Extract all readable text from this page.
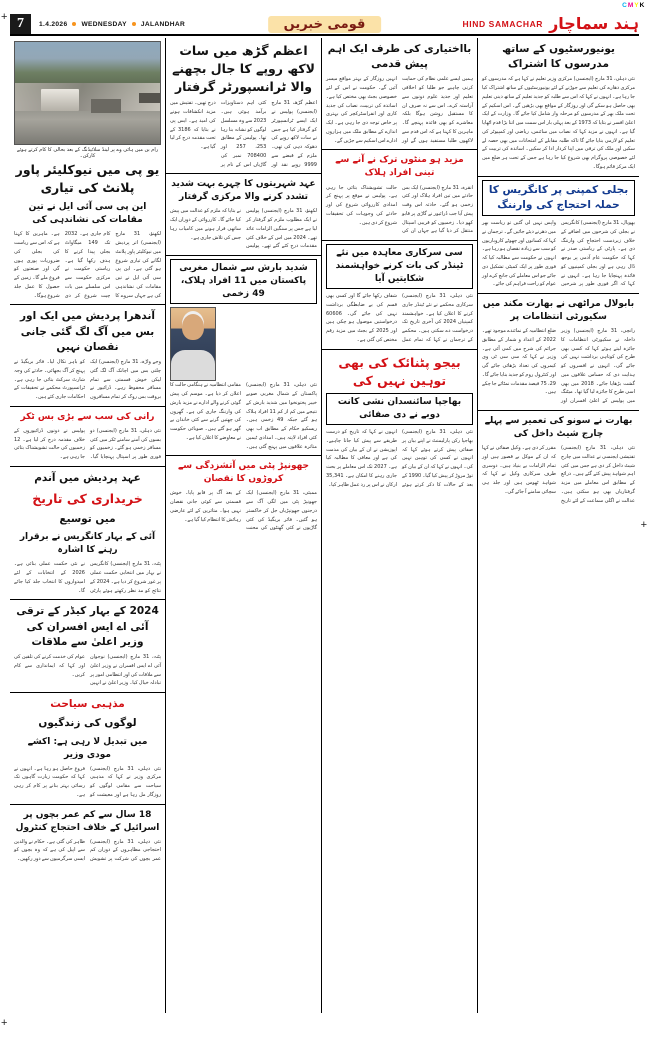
+
+
+
C M Y K
7	1.4.2026 WEDNESDAY JALANDHAR	قومی خبریں	HIND SAMACHAR ہند سماچار
یونیورسٹیوں کے ساتھ مدرسوں کا اشتراک
نئی دہلی، 31 مارچ (ایجنسی) مرکزی وزیر تعلیم نے کہا ہے کہ مدرسوں کو مرکزی دھارے کی تعلیم سے جوڑنے کے لئے یونیورسٹیوں کے ساتھ اشتراک کیا جا رہا ہے۔ انہوں نے کہا کہ اس سے طلبہ کو جدید تعلیم کے ساتھ دینی تعلیم بھی حاصل ہو سکے گی اور روزگار کے مواقع بھی بڑھیں گے۔ اس اسکیم کے تحت ملک بھر کے مدرسوں کو مرحلہ وار شامل کیا جائے گا۔ وزارت کے ایک اعلیٰ افسر نے بتایا کہ 1973 کے بعد پہلی بار اس سمت میں اتنا بڑا قدم اٹھایا گیا ہے۔ انہوں نے مزید کہا کہ نصاب میں سائنس، ریاضی اور کمپیوٹر کی تعلیم کو لازمی بنایا جائے گا تاکہ طلبہ مقابلے کے امتحانات میں بھی حصہ لے سکیں اور ملک کی ترقی میں اپنا کردار ادا کر سکیں۔ اساتذہ کی تربیت کے لئے خصوصی پروگرام بھی شروع کیا جا رہا ہے جس کے تحت ہر ضلع میں ایک مرکز قائم ہوگا۔
بجلی کمپنی پر کانگریس کا حملہ احتجاج کی وارننگ
بھوپال، 31 مارچ (ایجنسی) کانگریس نے بجلی کی شرحوں میں اضافے کے خلاف زبردست احتجاج کی وارننگ دی ہے۔ پارٹی کے ریاستی صدر نے کہا کہ حکومت عام آدمی پر بوجھ ڈال رہی ہے اور بجلی کمپنیوں کو فائدہ پہنچایا جا رہا ہے۔ انہوں نے کہا کہ اگر فوری طور پر شرحیں واپس نہیں لی گئیں تو ریاست بھر میں دھرنے دیئے جائیں گے۔ ترجمان نے کہا کہ کسانوں اور چھوٹے کاروباریوں کو سب سے زیادہ نقصان ہو رہا ہے۔ انہوں نے حکومت سے مطالبہ کیا کہ فوری طور پر ایک کمیٹی تشکیل دی جائے جو اس معاملے کی جانچ کرے اور عوام کو راحت فراہم کی جائے۔
بابولال مراٹھی نے بھارت مکند میں سکیورٹی انتظامات پر
رانچی، 31 مارچ (ایجنسی) وزیر داخلہ نے سکیورٹی انتظامات کا جائزہ لیتے ہوئے کہا کہ کسی بھی طرح کی کوتاہی برداشت نہیں کی جائے گی۔ انہوں نے افسروں کو ہدایت دی کہ حساس علاقوں میں گشت بڑھایا جائے۔ 2018 میں بھی اسی طرح کا جائزہ لیا گیا تھا۔ میٹنگ میں پولیس کے اعلیٰ افسران اور ضلع انتظامیہ کے نمائندے موجود تھے۔ 2022 کے اعداد و شمار کے مطابق جرائم کی شرح میں کمی آئی ہے۔ وزیر نے کہا کہ سی سی ٹی وی کیمروں کی تعداد بڑھائی جائے گی اور کنٹرول روم کو جدید بنایا جائے گا۔ 29، 75 فیصد مقدمات نمٹائے جا چکے ہیں۔
بھارت نے سونو کی تعمیر سے پہلے چارج شیٹ داخل کی
نئی دہلی، 31 مارچ (ایجنسی) تفتیشی ایجنسی نے عدالت میں چارج شیٹ داخل کر دی ہے جس میں کئی اہم شواہد پیش کئے گئے ہیں۔ ذرائع کے مطابق اس معاملے میں مزید گرفتاریاں بھی ہو سکتی ہیں۔ عدالت نے اگلی سماعت کے لئے تاریخ مقرر کر دی ہے۔ وکیل صفائی نے کہا کہ ان کے موکل بے قصور ہیں اور تمام الزامات بے بنیاد ہیں۔ دوسری طرف سرکاری وکیل نے کہا کہ شواہد ٹھوس ہیں اور جلد ہی سچائی سامنے آ جائے گی۔
بااختیاری کی طرف ایک اہم پیش قدمی
ہمیں ایسے علمی نظام کی حمایت کرنی چاہیے جو طلبا کو اخلاقی تعلیم اور جدید علوم دونوں سے آراستہ کرے۔ اس سے نہ صرف ان کا مستقبل روشن ہوگا بلکہ معاشرے کو بھی فائدہ پہنچے گا۔ ماہرین کا کہنا ہے کہ اس قدم سے لاکھوں طلبا مستفید ہوں گے اور انہیں روزگار کے بہتر مواقع میسر آئیں گے۔ حکومت نے اس کے لئے خصوصی بجٹ بھی مختص کیا ہے۔ اساتذہ کی تربیت، نصاب کی جدید کاری اور انفراسٹرکچر کی بہتری پر خاص توجہ دی جا رہی ہے۔ ایک اندازے کے مطابق ملک میں ہزاروں ادارے اس اسکیم سے جڑیں گے۔
مزید ہو منٹوں ترک نے آنے سے تینی افراد ہلاک
انقرہ، 31 مارچ (ایجنسی) ایک بس حادثے میں تین افراد ہلاک اور کئی زخمی ہو گئے۔ حادثہ اس وقت پیش آیا جب ڈرائیور نے گاڑی پر قابو کھو دیا۔ زخمیوں کو قریبی اسپتال منتقل کر دیا گیا ہے جہاں ان کی حالت تشویشناک بتائی جا رہی ہے۔ پولیس نے موقع پر پہنچ کر امدادی کارروائی شروع کی اور حادثے کی وجوہات کی تحقیقات شروع کر دی ہیں۔
سی سرکاری معاہدہ میں نئے ٹینڈر کی بات کرنے خواہشمند شکایتیں آیا
نئی دہلی، 31 مارچ (ایجنسی) سرکاری محکمے نے نئے ٹینڈر جاری کرنے کا اعلان کیا ہے۔ خواہشمند کمپنیاں 2024 کی آخری تاریخ تک درخواست دے سکتی ہیں۔ محکمے کے ترجمان نے کہا کہ تمام عمل شفاف رکھا جائے گا اور کسی بھی قسم کی بے ضابطگی برداشت نہیں کی جائے گی۔ 60606 درخواستیں موصول ہو چکی ہیں اور 2025 کے بجٹ میں مزید رقم مختص کی گئی ہے۔
بیجو پٹنائک کی بھی توہین نہیں کی
بھاجپا سائنسدان نشی کانت دوبے نے دی صفائی
نئی دہلی، 31 مارچ (ایجنسی) بھاجپا رکن پارلیمنٹ نے اپنے بیان پر صفائی پیش کرتے ہوئے کہا کہ انہوں نے کسی کی توہین نہیں کی۔ انہوں نے کہا کہ ان کے بیان کو توڑ مروڑ کر پیش کیا گیا۔ 1990 کے بعد کے حالات کا ذکر کرتے ہوئے انہوں نے کہا کہ تاریخ کو درست طریقے سے پیش کیا جانا چاہیے۔ اپوزیشن نے ان کے بیان کی مذمت کی ہے اور معافی کا مطالبہ کیا ہے۔ 2027 تک اس معاملے پر بحث جاری رہنے کا امکان ہے۔ 35,341 ارکان نے اس پر رد عمل ظاہر کیا۔
اعظم گڑھ میں سات لاکھ روپے کا جال بچھنے والا ٹرانسپورٹر گرفتار
اعظم گڑھ، 31 مارچ (ایجنسی) پولیس نے ایک ایسے ٹرانسپورٹر کو گرفتار کیا ہے جس نے سات لاکھ روپے کی دھوکہ دہی کی تھی۔ ملزم کے قبضے سے 9999 روپے نقد اور کئی اہم دستاویزات برآمد ہوئی ہیں۔ 2023 سے وہ مسلسل لوگوں کو نشانہ بنا رہا تھا۔ پولیس کے مطابق 253، 257 اور 708400 نمبر کی گاڑیاں اس کے نام پر درج تھیں۔ تفتیش میں مزید انکشافات ہونے کی امید ہے۔ ایس پی نے بتایا کہ 3186 کے تحت مقدمہ درج کر لیا گیا ہے۔
عہد شہریتوں کا چہرے بہت شدید تشدد کرنے والا مرکزی گرفتار
لکھنؤ، 31 مارچ (ایجنسی) پولیس نے ایک مطلوب ملزم کو گرفتار کر لیا ہے جس پر سنگین الزامات عائد تھے۔ 2024 میں اس کے خلاف کئی مقدمات درج کئے گئے تھے۔ پولیس نے بتایا کہ ملزم کو عدالت میں پیش کیا جائے گا۔ کارروائی کے دوران ایک ساتھی فرار ہونے میں کامیاب رہا جس کی تلاش جاری ہے۔
شدید بارش سے شمال مغربی پاکستان میں 11 افراد ہلاک، 49 زخمی
نئی دہلی، 31 مارچ (ایجنسی) پاکستان کے شمال مغربی صوبے خیبر پختونخوا میں شدید بارش کے نتیجے میں کم از کم 11 افراد ہلاک ہو گئے جبکہ 49 زخمی ہیں۔ ریسکیو حکام کے مطابق اب بھی کئی افراد لاپتہ ہیں۔ امدادی ٹیمیں متاثرہ علاقوں میں پہنچ گئی ہیں۔ مقامی انتظامیہ نے ہنگامی حالت کا اعلان کر دیا ہے۔ موسم کی پیش گوئی کرنے والے ادارے نے مزید بارش کی وارننگ جاری کی ہے۔ گھروں کی چھتیں گرنے سے کئی خاندان بے گھر ہو گئے ہیں۔ صوبائی حکومت نے معاوضے کا اعلان کیا ہے۔
جھونپڑ پٹی میں آتشزدگی سے کروڑوں کا نقصان
ممبئی، 31 مارچ (ایجنسی) ایک جھونپڑ پٹی میں لگی آگ سے درجنوں جھونپڑیاں جل کر خاکستر ہو گئیں۔ فائر بریگیڈ کی کئی گاڑیوں نے کئی گھنٹوں کی محنت کے بعد آگ پر قابو پایا۔ خوش قسمتی سے کوئی جانی نقصان نہیں ہوا۔ متاثرین کے لئے عارضی رہائش کا انتظام کیا گیا ہے۔
رام بن میں ہائی وے پر لینڈ سلائیڈنگ کے بعد بحالی کا کام کرتے ہوئے کارکن۔
یو پی میں نیوکلیئر پاور پلانٹ کی تیاری
این پی سی آئی ایل نے تین مقامات کی نشاندہی کی
لکھنؤ، 31 مارچ (ایجنسی) اتر پردیش میں نیوکلیئر پاور پلانٹ لگانے کی تیاری شروع ہو گئی ہے۔ این پی سی آئی ایل نے تین مقامات کی نشاندہی کی ہے جہاں سروے کا کام جاری ہے۔ 2032 تک 149 میگاواٹ بجلی پیدا کرنے کا ہدف رکھا گیا ہے۔ ریاستی حکومت نے مرکزی حکومت سے اس سلسلے میں بات چیت شروع کر دی ہے۔ ماہرین کا کہنا ہے کہ اس سے ریاست کی بجلی کی ضروریات پوری ہوں گی اور صنعتوں کو فروغ ملے گا۔ زمین کے حصول کا عمل جلد شروع ہوگا۔
آندھرا پردیش میں ایک اور بس میں آگ لگ گئی جانی نقصان نہیں
وجے واڑہ، 31 مارچ (ایجنسی) ایک چلتی بس میں اچانک آگ لگ گئی لیکن خوش قسمتی سے تمام مسافر محفوظ رہے۔ ڈرائیور نے بروقت بس روک کر تمام مسافروں کو باہر نکال لیا۔ فائر بریگیڈ نے پہنچ کر آگ بجھائی۔ حادثے کی وجہ شارٹ سرکٹ بتائی جا رہی ہے۔ ٹرانسپورٹ محکمے نے تحقیقات کے احکامات جاری کئے ہیں۔
رانی کی سب سے بڑی بس ٹکر
نئی دہلی، 31 مارچ (ایجنسی) دو بسوں کی آمنے سامنے ٹکر میں کئی مسافر زخمی ہو گئے۔ زخمیوں کو فوری طور پر اسپتال پہنچایا گیا۔ پولیس نے دونوں ڈرائیوروں کے خلاف مقدمہ درج کر لیا ہے۔ 12 زخمیوں کی حالت تشویشناک بتائی جا رہی ہے۔
عہد پردیش میں آندم
خریداری کی تاریخ
میں توسیع
آئی کے بہار کانگریس نے برقرار رہنے کا اشارہ
پٹنہ، 31 مارچ (ایجنسی) کانگریس نے بہار میں انتخابی حکمت عملی پر غور شروع کر دیا ہے۔ 2024 کے نتائج کو مد نظر رکھتے ہوئے پارٹی نے نئی حکمت عملی بنائی ہے۔ 2026 کے انتخابات کے لئے امیدواروں کا انتخاب جلد کیا جائے گا۔
2024 کے بہار کیڈر کے ترقی آئی اے ایس افسران کی وزیر اعلیٰ سے ملاقات
پٹنہ، 31 مارچ (ایجنسی) نوجوان آئی اے ایس افسران نے وزیر اعلیٰ سے ملاقات کی اور انتظامی امور پر تبادلہ خیال کیا۔ وزیر اعلیٰ نے انہیں عوام کی خدمت کرنے کی تلقین کی اور کہا کہ ایمانداری سے کام کریں۔
مذہبی سیاحت
لوگوں کی زندگیوں
میں تبدیل لا رہی ہے: اکشے مودی وزیر
نئی دہلی، 31 مارچ (ایجنسی) مرکزی وزیر نے کہا کہ مذہبی سیاحت سے مقامی لوگوں کو روزگار مل رہا ہے اور معیشت کو فروغ حاصل ہو رہا ہے۔ انہوں نے کہا کہ حکومت زیارت گاہوں تک رسائی بہتر بنانے پر کام کر رہی ہے۔
18 سال سے کم عمر بچوں پر اسرائیل کے خلاف احتجاج کنٹرول
نئی دہلی، 31 مارچ (ایجنسی) احتجاجی مظاہروں کے دوران کم عمر بچوں کی شرکت پر تشویش ظاہر کی گئی ہے۔ حکام نے والدین سے اپیل کی ہے کہ وہ بچوں کو ایسی سرگرمیوں سے دور رکھیں۔
